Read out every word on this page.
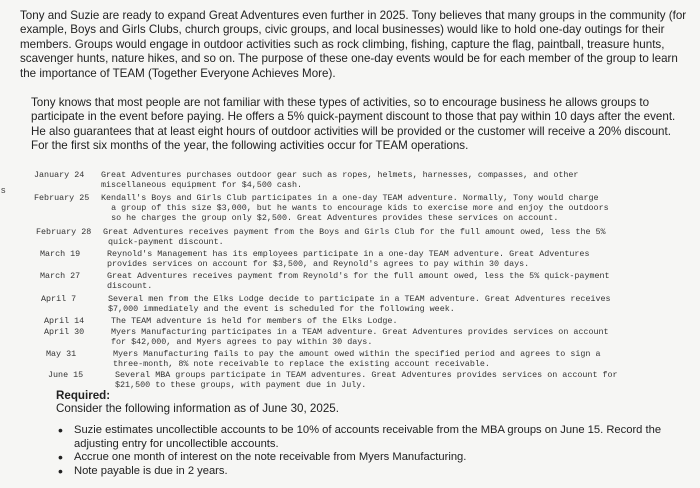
Tony and Suzie are ready to expand Great Adventures even further in 2025. Tony believes that many groups in the community (for example, Boys and Girls Clubs, church groups, civic groups, and local businesses) would like to hold one-day outings for their members. Groups would engage in outdoor activities such as rock climbing, fishing, capture the flag, paintball, treasure hunts, scavenger hunts, nature hikes, and so on. The purpose of these one-day events would be for each member of the group to learn the importance of TEAM (Together Everyone Achieves More).

Tony knows that most people are not familiar with these types of activities, so to encourage business he allows groups to participate in the event before paying. He offers a 5% quick-payment discount to those that pay within 10 days after the event. He also guarantees that at least eight hours of outdoor activities will be provided or the customer will receive a 20% discount. For the first six months of the year, the following activities occur for TEAM operations.

s
January 24 Great Adventures purchases outdoor gear such as ropes, helmets, harnesses, compasses, and other
miscellaneous equipment for $4,500 cash.
February 25 Kendall's Boys and Girls Club participates in a one-day TEAM adventure. Normally, Tony would charge
a group of this size $3,000, but he wants to encourage kids to exercise more and enjoy the outdoors
so he charges the group only $2,500. Great Adventures provides these services on account.
February 28 Great Adventures receives payment from the Boys and Girls Club for the full amount owed, less the 5%
quick-payment discount.
March 19	Reynold's Management has its employees participate in a one-day TEAM adventure. Great Adventures
provides services on account for $3,500, and Reynold's agrees to pay within 30 days.
March 27	Great Adventures receives payment from Reynold's for the full amount owed, less the 5% quick-payment
discount.
April 7	Several men from the Elks Lodge decide to participate in a TEAM adventure. Great Adventures receives
$7,000 immediately and the event is scheduled for the following week.
April 14	The TEAM adventure is held for members of the Elks Lodge.
April 30	Myers Manufacturing participates in a TEAM adventure. Great Adventures provides services on account
for $42,000, and Myers agrees to pay within 30 days.
May 31	Myers Manufacturing fails to pay the amount owed within the specified period and agrees to sign a
three-month, 8% note receivable to replace the existing account receivable.
June 15	Several MBA groups participate in TEAM adventures. Great Adventures provides services on account for
$21,500 to these groups, with payment due in July.
Required:
Consider the following information as of June 30, 2025.
• Suzie estimates uncollectible accounts to be 10% of accounts receivable from the MBA groups on June 15. Record the adjusting entry for uncollectible accounts.
• Accrue one month of interest on the note receivable from Myers Manufacturing.
• Note payable is due in 2 years.
